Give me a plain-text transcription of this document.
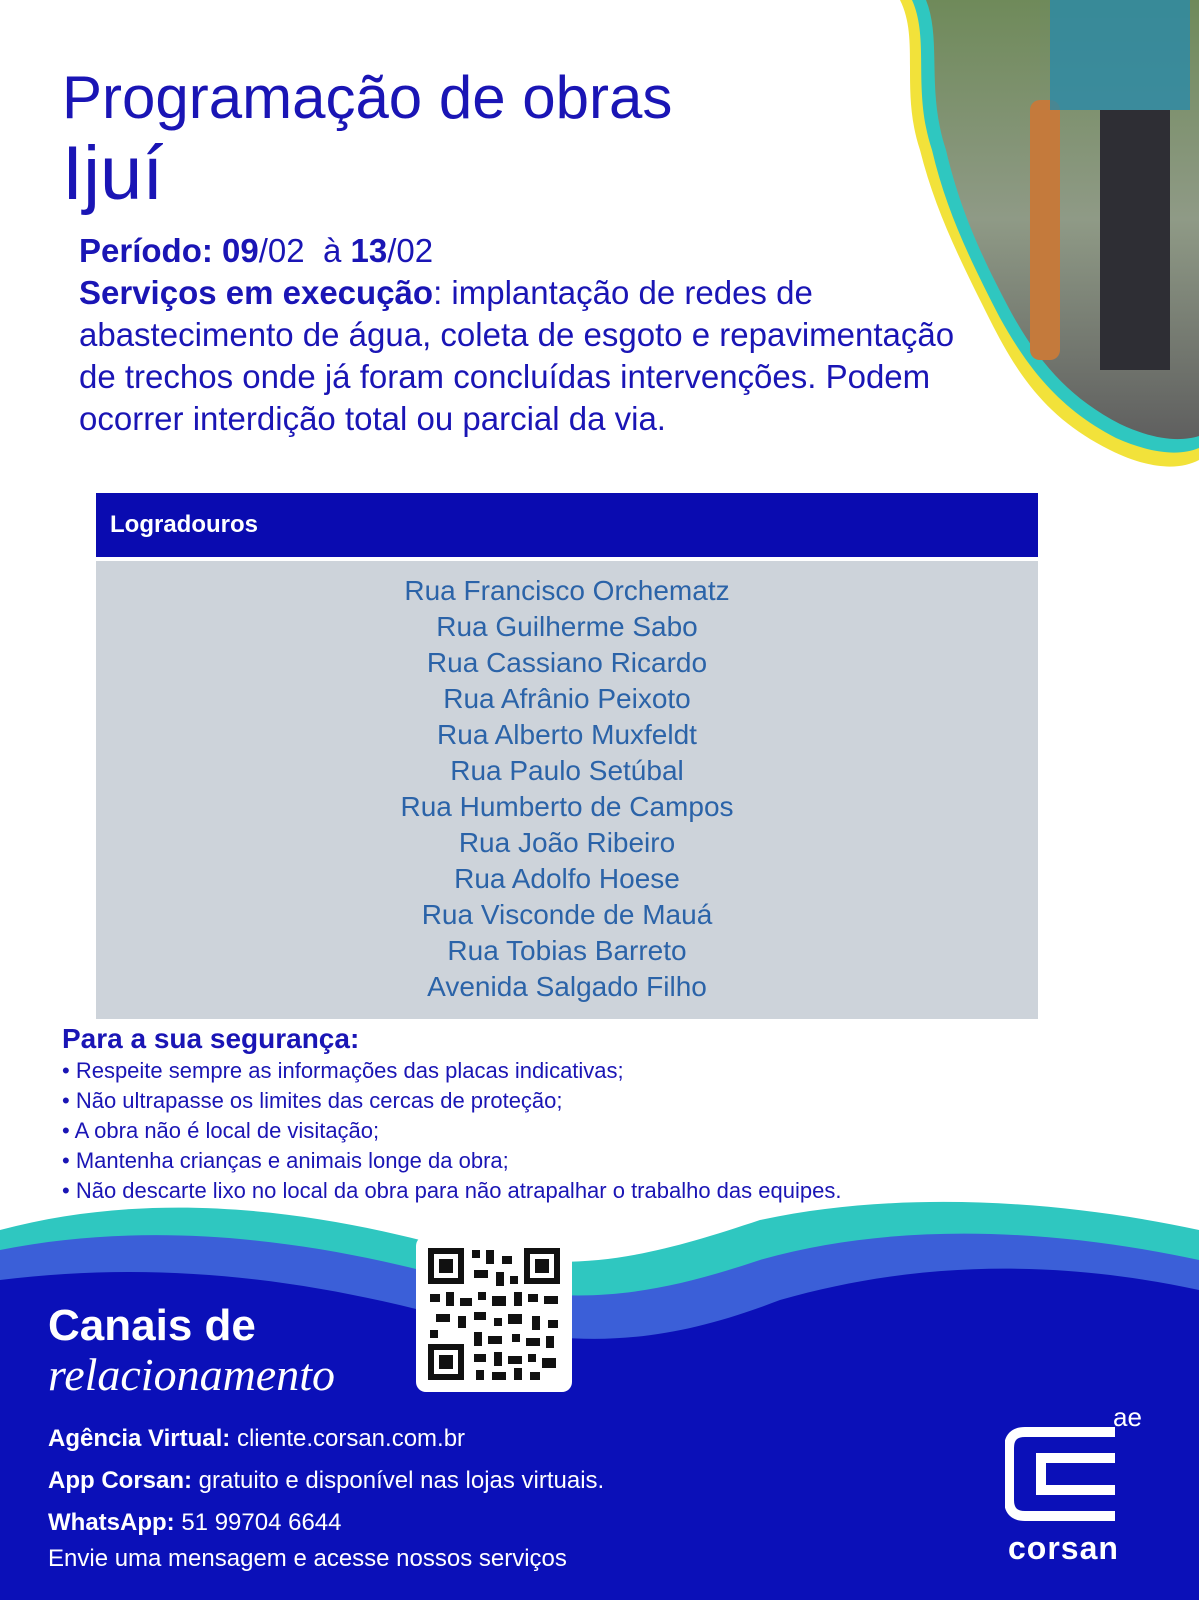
Programação de obras
Ijuí
Período: 09/02 à 13/02
Serviços em execução: implantação de redes de abastecimento de água, coleta de esgoto e repavimentação de trechos onde já foram concluídas intervenções. Podem ocorrer interdição total ou parcial da via.
Logradouros
Rua Francisco Orchematz
Rua Guilherme Sabo
Rua Cassiano Ricardo
Rua Afrânio Peixoto
Rua Alberto Muxfeldt
Rua Paulo Setúbal
Rua Humberto de Campos
Rua João Ribeiro
Rua Adolfo Hoese
Rua Visconde de Mauá
Rua Tobias Barreto
Avenida Salgado Filho
Para a sua segurança:
• Respeite sempre as informações das placas indicativas;
• Não ultrapasse os limites das cercas de proteção;
• A obra não é local de visitação;
• Mantenha crianças e animais longe da obra;
• Não descarte lixo no local da obra para não atrapalhar o trabalho das equipes.
Canais de
relacionamento
Agência Virtual: cliente.corsan.com.br
App Corsan: gratuito e disponível nas lojas virtuais.
WhatsApp: 51 99704 6644
Envie uma mensagem e acesse nossos serviços
ae
corsan
